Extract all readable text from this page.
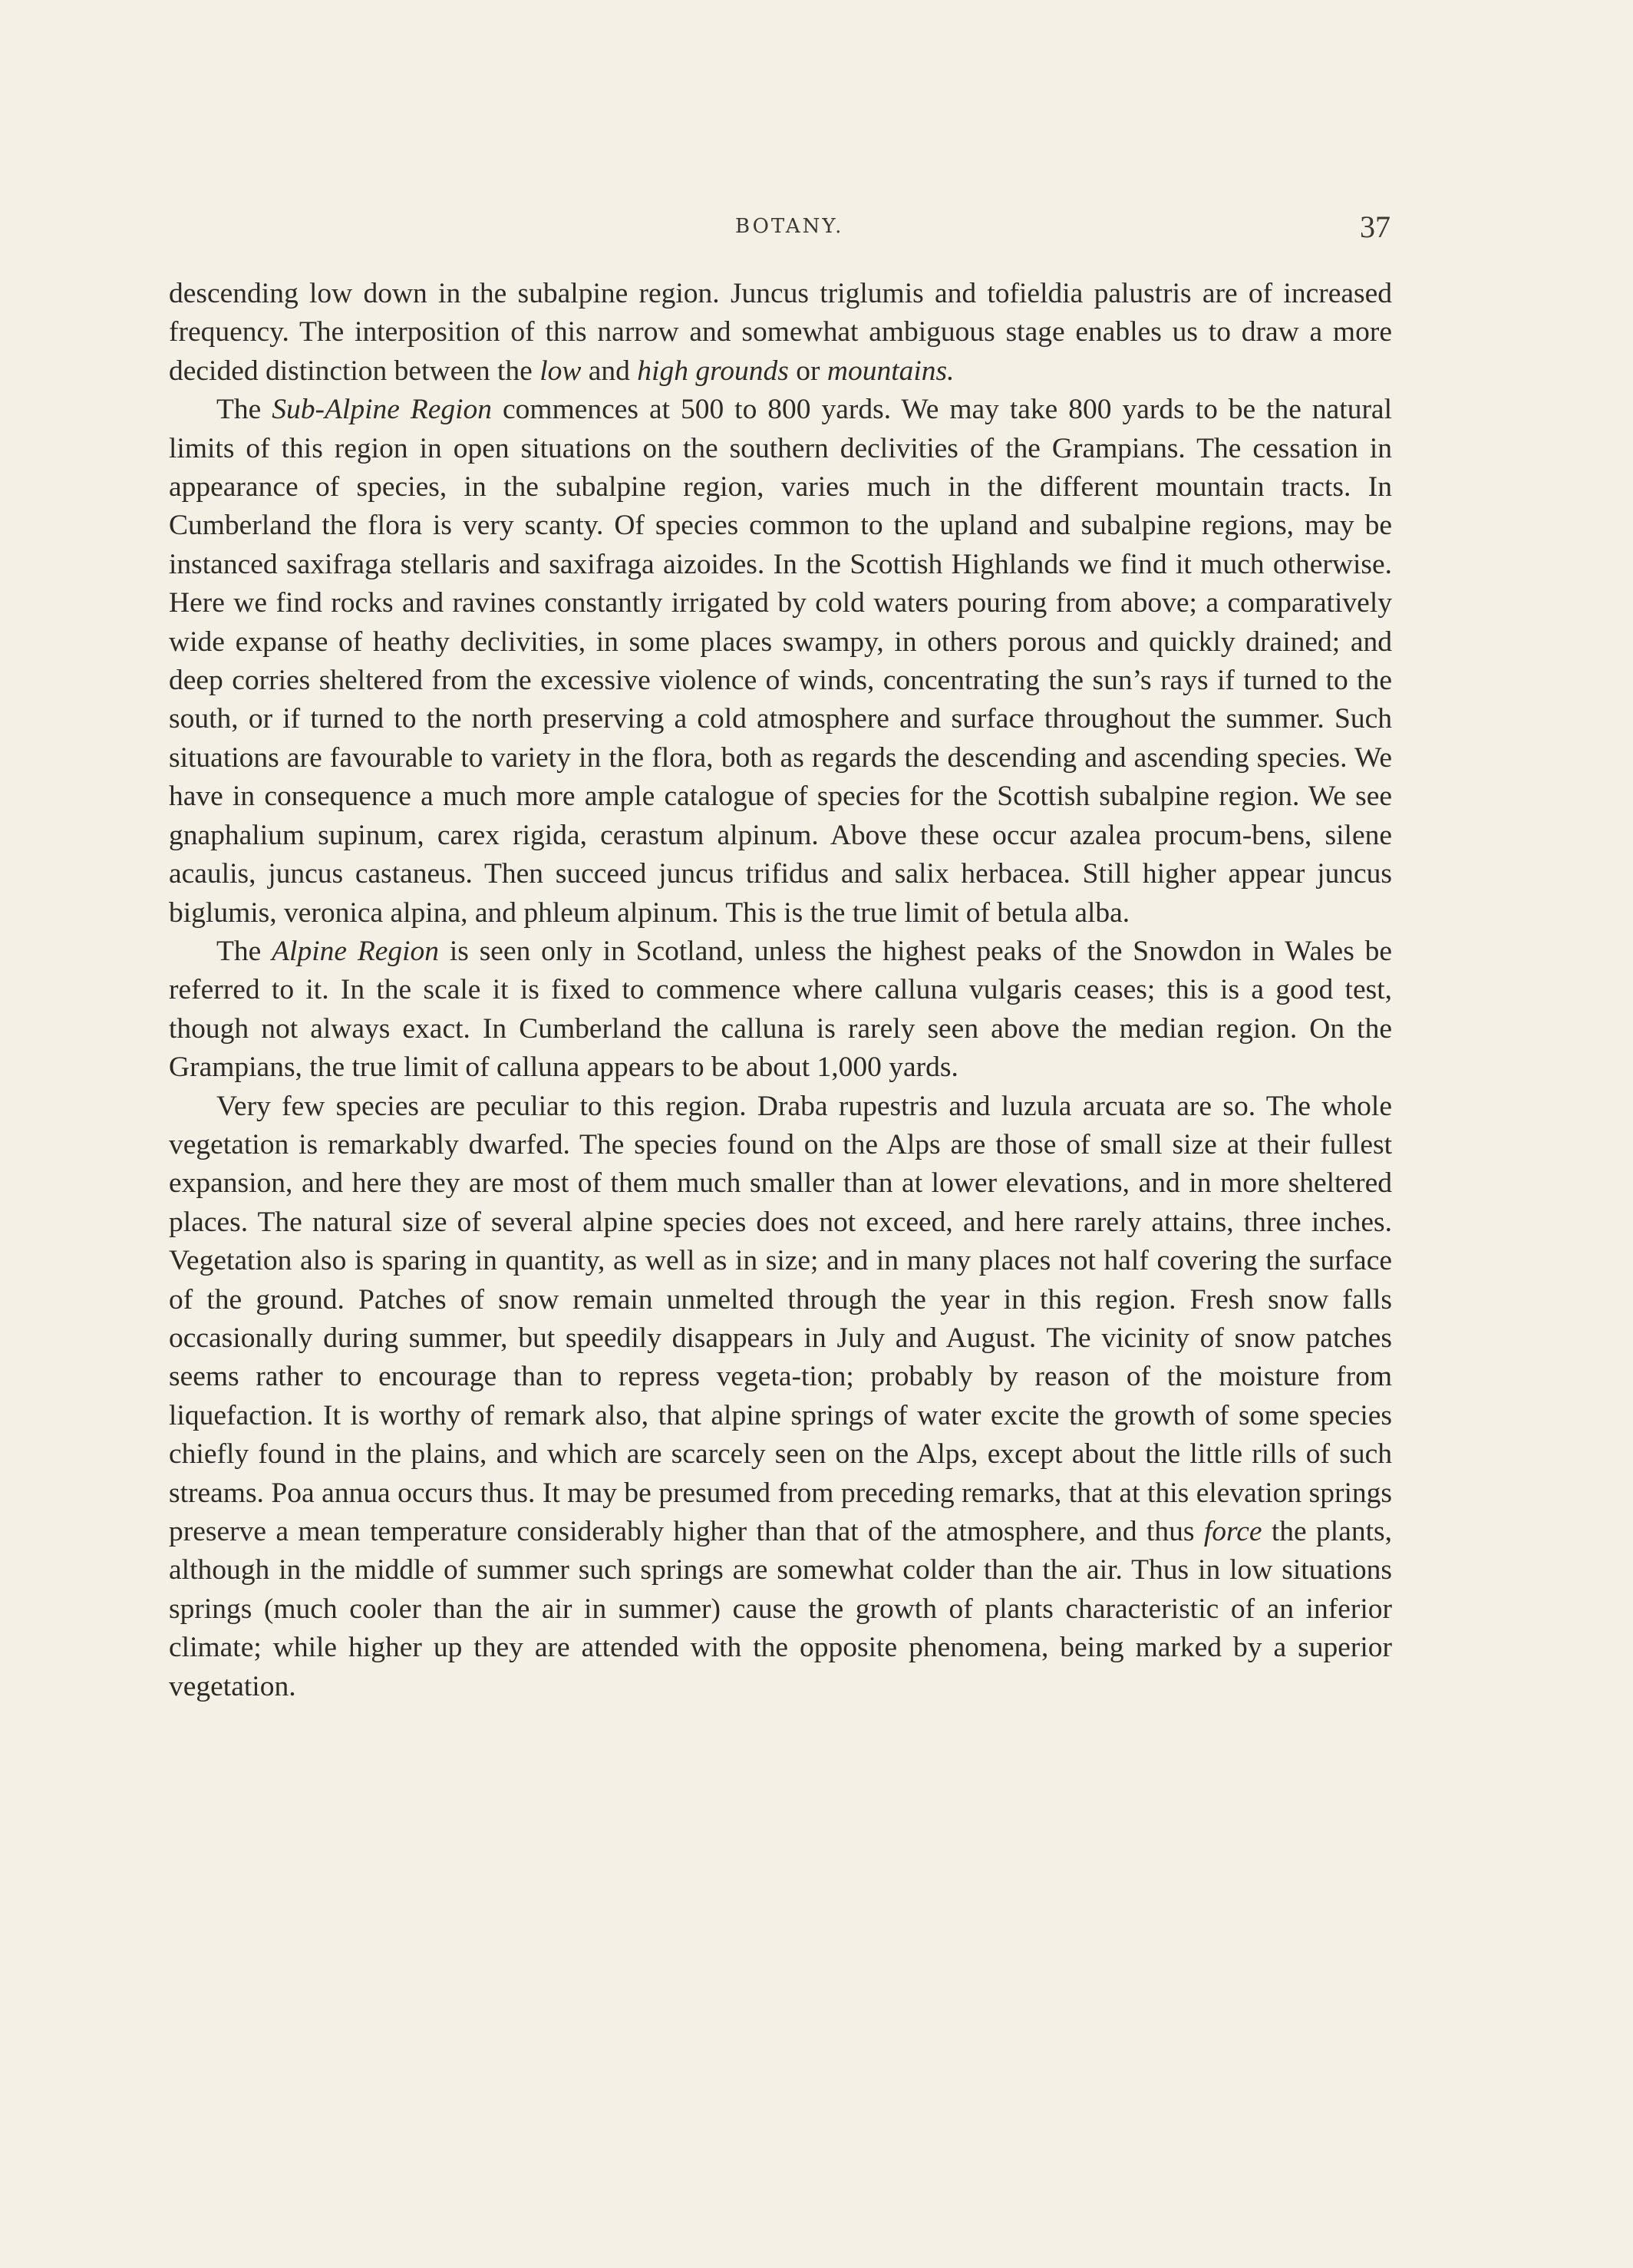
BOTANY.	37

descending low down in the subalpine region. Juncus triglumis and tofieldia palustris are of increased frequency. The interposition of this narrow and somewhat ambiguous stage enables us to draw a more decided distinction between the low and high grounds or mountains.

The Sub-Alpine Region commences at 500 to 800 yards. We may take 800 yards to be the natural limits of this region in open situations on the southern declivities of the Grampians. The cessation in appearance of species, in the subalpine region, varies much in the different mountain tracts. In Cumberland the flora is very scanty. Of species common to the upland and subalpine regions, may be instanced saxifraga stellaris and saxifraga aizoides. In the Scottish Highlands we find it much otherwise. Here we find rocks and ravines constantly irrigated by cold waters pouring from above; a comparatively wide expanse of heathy declivities, in some places swampy, in others porous and quickly drained; and deep corries sheltered from the excessive violence of winds, concentrating the sun’s rays if turned to the south, or if turned to the north preserving a cold atmosphere and surface throughout the summer. Such situations are favourable to variety in the flora, both as regards the descending and ascending species. We have in consequence a much more ample catalogue of species for the Scottish subalpine region. We see gnaphalium supinum, carex rigida, cerastum alpinum. Above these occur azalea procum-bens, silene acaulis, juncus castaneus. Then succeed juncus trifidus and salix herbacea. Still higher appear juncus biglumis, veronica alpina, and phleum alpinum. This is the true limit of betula alba.

The Alpine Region is seen only in Scotland, unless the highest peaks of the Snowdon in Wales be referred to it. In the scale it is fixed to commence where calluna vulgaris ceases; this is a good test, though not always exact. In Cumberland the calluna is rarely seen above the median region. On the Grampians, the true limit of calluna appears to be about 1,000 yards.

Very few species are peculiar to this region. Draba rupestris and luzula arcuata are so. The whole vegetation is remarkably dwarfed. The species found on the Alps are those of small size at their fullest expansion, and here they are most of them much smaller than at lower elevations, and in more sheltered places. The natural size of several alpine species does not exceed, and here rarely attains, three inches. Vegetation also is sparing in quantity, as well as in size; and in many places not half covering the surface of the ground. Patches of snow remain unmelted through the year in this region. Fresh snow falls occasionally during summer, but speedily disappears in July and August. The vicinity of snow patches seems rather to encourage than to repress vegeta-tion; probably by reason of the moisture from liquefaction. It is worthy of remark also, that alpine springs of water excite the growth of some species chiefly found in the plains, and which are scarcely seen on the Alps, except about the little rills of such streams. Poa annua occurs thus. It may be presumed from preceding remarks, that at this elevation springs preserve a mean temperature considerably higher than that of the atmosphere, and thus force the plants, although in the middle of summer such springs are somewhat colder than the air. Thus in low situations springs (much cooler than the air in summer) cause the growth of plants characteristic of an inferior climate; while higher up they are attended with the opposite phenomena, being marked by a superior vegetation.
